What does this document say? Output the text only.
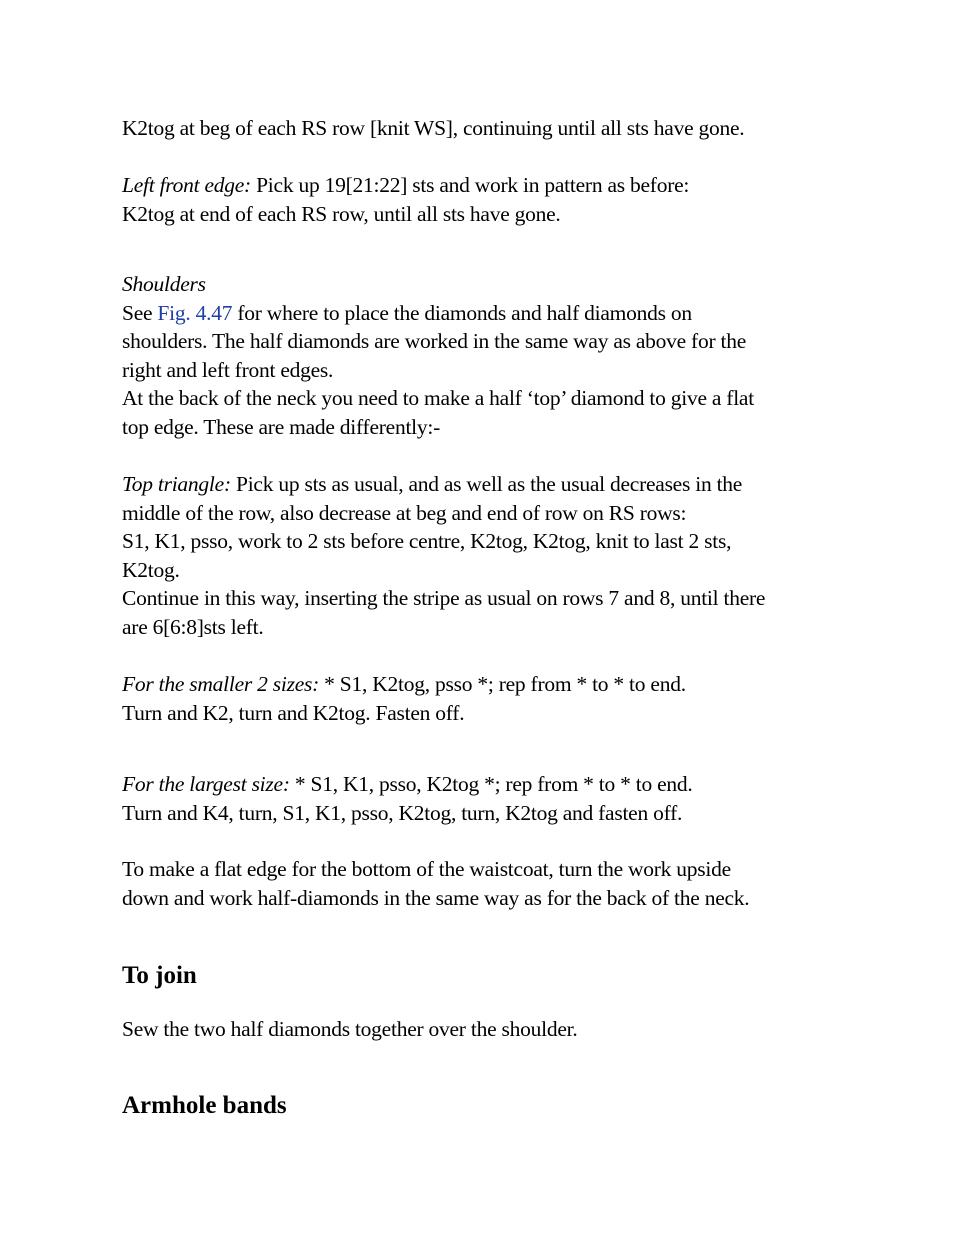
K2tog at beg of each RS row [knit WS], continuing until all sts have gone.

Left front edge: Pick up 19[21:22] sts and work in pattern as before:
K2tog at end of each RS row, until all sts have gone.

Shoulders
See Fig. 4.47 for where to place the diamonds and half diamonds on
shoulders. The half diamonds are worked in the same way as above for the
right and left front edges.
At the back of the neck you need to make a half ‘top’ diamond to give a flat
top edge. These are made differently:-

Top triangle: Pick up sts as usual, and as well as the usual decreases in the
middle of the row, also decrease at beg and end of row on RS rows:
S1, K1, psso, work to 2 sts before centre, K2tog, K2tog, knit to last 2 sts,
K2tog.
Continue in this way, inserting the stripe as usual on rows 7 and 8, until there
are 6[6:8]sts left.

For the smaller 2 sizes: * S1, K2tog, psso *; rep from * to * to end.
Turn and K2, turn and K2tog. Fasten off.

For the largest size: * S1, K1, psso, K2tog *; rep from * to * to end.
Turn and K4, turn, S1, K1, psso, K2tog, turn, K2tog and fasten off.

To make a flat edge for the bottom of the waistcoat, turn the work upside
down and work half-diamonds in the same way as for the back of the neck.

To join

Sew the two half diamonds together over the shoulder.

Armhole bands
